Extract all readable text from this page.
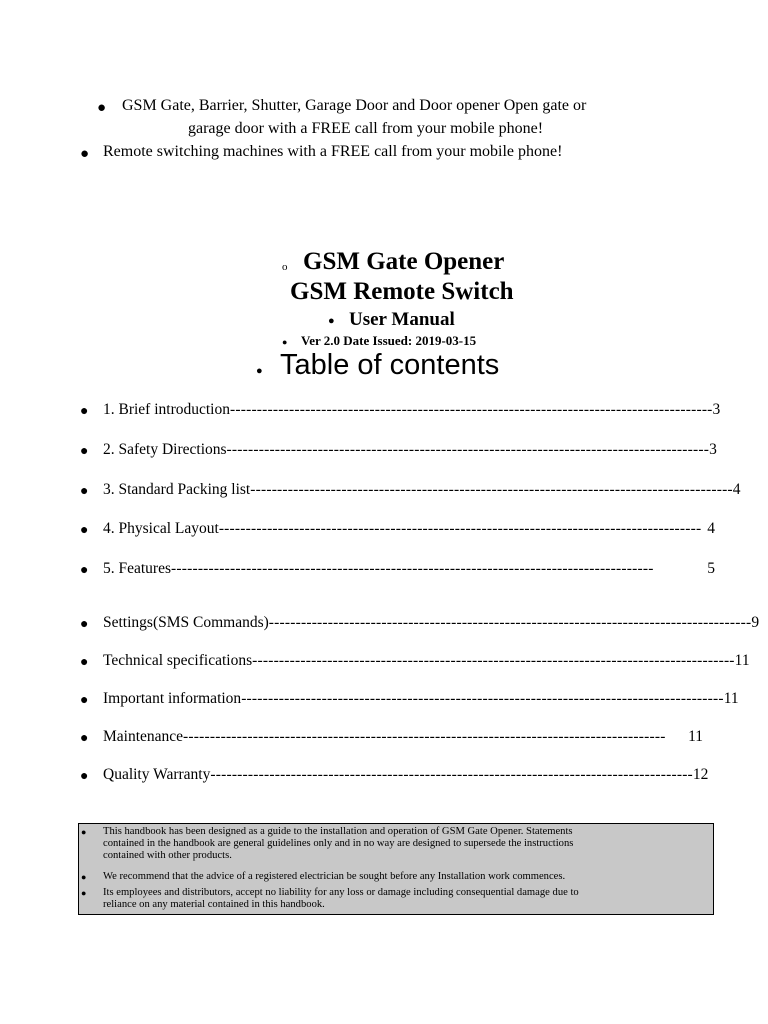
● GSM Gate, Barrier, Shutter, Garage Door and Door opener Open gate or
garage door with a FREE call from your mobile phone!
● Remote switching machines with a FREE call from your mobile phone!
o GSM Gate Opener
GSM Remote Switch
● User Manual
● Ver 2.0 Date Issued: 2019-03-15
● Table of contents
● 1. Brief introduction ------------------------------------------------------------------------------------------ 3
● 2. Safety Directions ------------------------------------------------------------------------------------------ 3
● 3. Standard Packing list ------------------------------------------------------------------------------------------ 4
● 4. Physical Layout ------------------------------------------------------------------------------------------ 4
● 5. Features ------------------------------------------------------------------------------------------	5
● Settings(SMS Commands) ------------------------------------------------------------------------------------------ 9
● Technical specifications ------------------------------------------------------------------------------------------ 11
● Important information ------------------------------------------------------------------------------------------ 11
● Maintenance ------------------------------------------------------------------------------------------	11
● Quality Warranty ------------------------------------------------------------------------------------------ 12
● This handbook has been designed as a guide to the installation and operation of GSM Gate Opener. Statements
contained in the handbook are general guidelines only and in no way are designed to supersede the instructions
contained with other products.
● We recommend that the advice of a registered electrician be sought before any Installation work commences.
● Its employees and distributors, accept no liability for any loss or damage including consequential damage due to
reliance on any material contained in this handbook.
